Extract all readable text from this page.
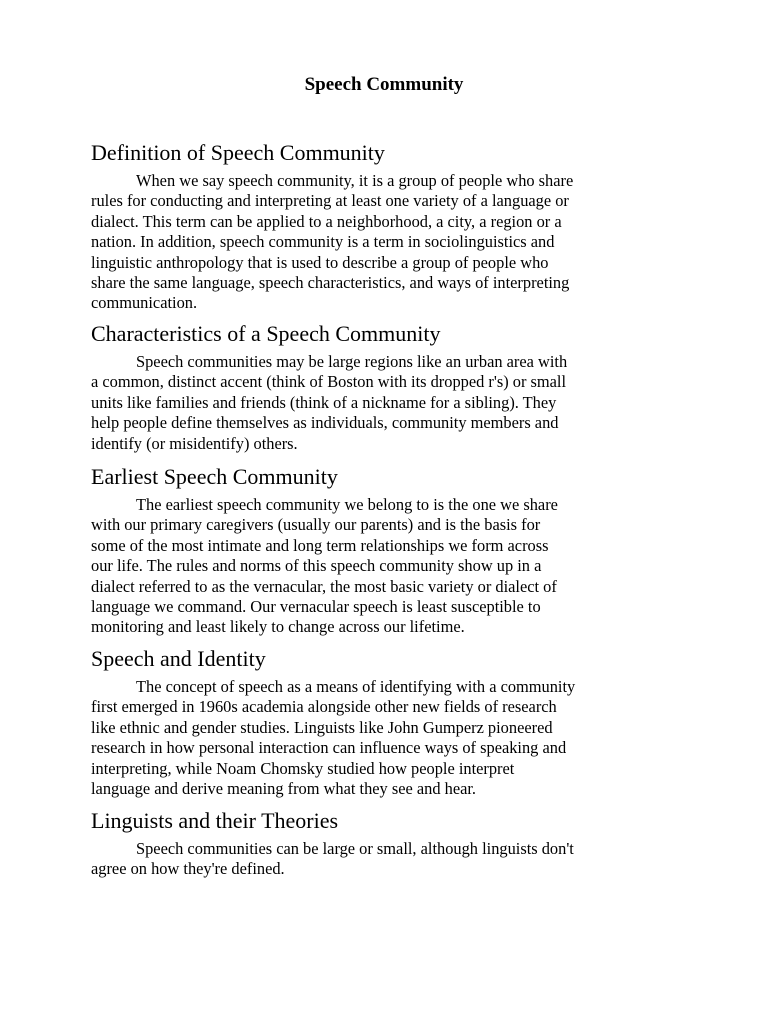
Speech Community
Definition of Speech Community

When we say speech community, it is a group of people who share
rules for conducting and interpreting at least one variety of a language or
dialect. This term can be applied to a neighborhood, a city, a region or a
nation. In addition, speech community is a term in sociolinguistics and
linguistic anthropology that is used to describe a group of people who
share the same language, speech characteristics, and ways of interpreting
communication.

Characteristics of a Speech Community

Speech communities may be large regions like an urban area with
a common, distinct accent (think of Boston with its dropped r's) or small
units like families and friends (think of a nickname for a sibling). They
help people define themselves as individuals, community members and
identify (or misidentify) others.

Earliest Speech Community

The earliest speech community we belong to is the one we share
with our primary caregivers (usually our parents) and is the basis for
some of the most intimate and long term relationships we form across
our life. The rules and norms of this speech community show up in a
dialect referred to as the vernacular, the most basic variety or dialect of
language we command. Our vernacular speech is least susceptible to
monitoring and least likely to change across our lifetime.

Speech and Identity

The concept of speech as a means of identifying with a community
first emerged in 1960s academia alongside other new fields of research
like ethnic and gender studies. Linguists like John Gumperz pioneered
research in how personal interaction can influence ways of speaking and
interpreting, while Noam Chomsky studied how people interpret
language and derive meaning from what they see and hear.

Linguists and their Theories

Speech communities can be large or small, although linguists don't
agree on how they're defined.
